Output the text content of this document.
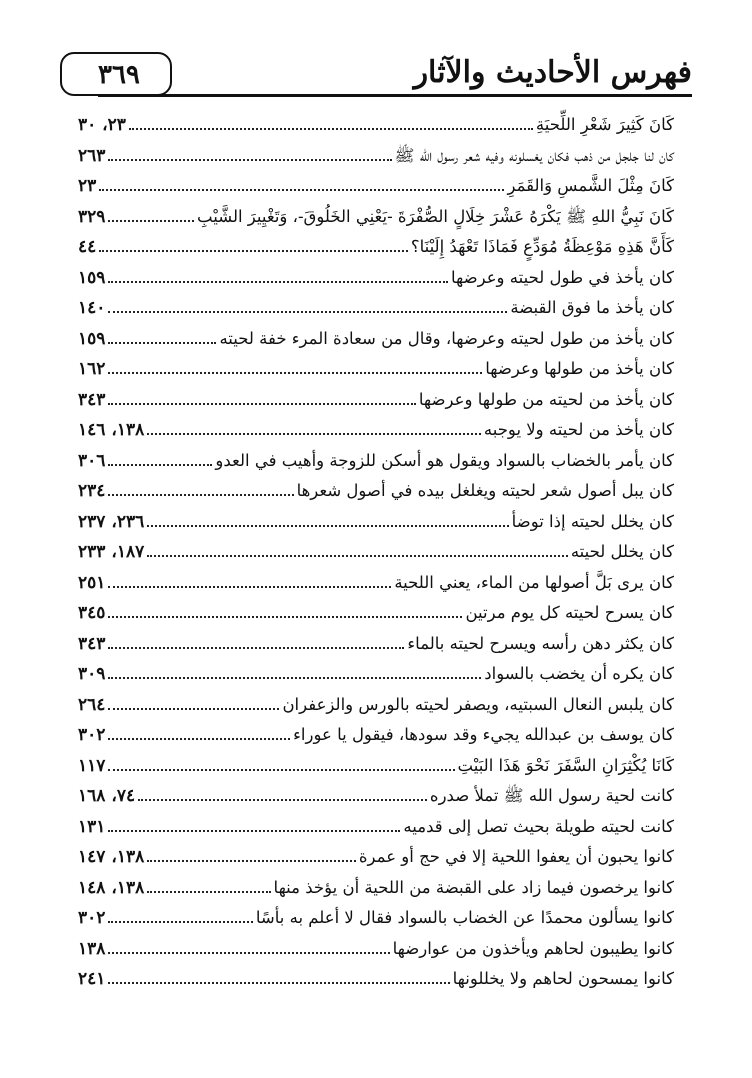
فهرس الأحاديث والآثار
٣٦٩
كَانَ كَثِيرَ شَعْرِ اللِّحيَةِ
٢٣، ٣٠
كان لنا جلجل من ذهب فكان يغسلونه وفيه شعر رسول الله ﷺ
٢٦٣
كَانَ مِثْلَ الشَّمسِ وَالقَمَرِ
٢٣
كَانَ نَبِيُّ اللهِ ﷺ يَكْرَهُ عَشْرَ خِلَالٍ الصُّفْرَةَ -يَعْنِي الخَلُوقَ-، وَتَغْيِيرَ الشَّيْبِ
٣٢٩
كَأَنَّ هَذِهِ مَوْعِظَةُ مُوَدِّعٍ فَمَاذَا تَعْهَدُ إِلَيْنَا؟
٤٤
كان يأخذ في طول لحيته وعرضها
١٥٩
كان يأخذ ما فوق القبضة
١٤٠
كان يأخذ من طول لحيته وعرضها، وقال من سعادة المرء خفة لحيته
١٥٩
كان يأخذ من طولها وعرضها
١٦٢
كان يأخذ من لحيته من طولها وعرضها
٣٤٣
كان يأخذ من لحيته ولا يوجبه
١٣٨، ١٤٦
كان يأمر بالخضاب بالسواد ويقول هو أسكن للزوجة وأهيب في العدو
٣٠٦
كان يبل أصول شعر لحيته ويغلغل بيده في أصول شعرها
٢٣٤
كان يخلل لحيته إذا توضأ
٢٣٦، ٢٣٧
كان يخلل لحيته
١٨٧، ٢٣٣
كان يرى بَلَّ أصولها من الماء، يعني اللحية
٢٥١
كان يسرح لحيته كل يوم مرتين
٣٤٥
كان يكثر دهن رأسه ويسرح لحيته بالماء
٣٤٣
كان يكره أن يخضب بالسواد
٣٠٩
كان يلبس النعال السبتيه، ويصفر لحيته بالورس والزعفران
٢٦٤
كان يوسف بن عبدالله يجيء وقد سودها، فيقول يا عوراء
٣٠٢
كَانَا يُكْثِرَانِ السَّفَرَ نَحْوَ هَذَا البَيْتِ
١١٧
كانت لحية رسول الله ﷺ تملأ صدره
٧٤، ١٦٨
كانت لحيته طويلة بحيث تصل إلى قدميه
١٣١
كانوا يحبون أن يعفوا اللحية إلا في حج أو عمرة
١٣٨، ١٤٧
كانوا يرخصون فيما زاد على القبضة من اللحية أن يؤخذ منها
١٣٨، ١٤٨
كانوا يسألون محمدًا عن الخضاب بالسواد فقال لا أعلم به بأسًا
٣٠٢
كانوا يطيبون لحاهم ويأخذون من عوارضها
١٣٨
كانوا يمسحون لحاهم ولا يخللونها
٢٤١
